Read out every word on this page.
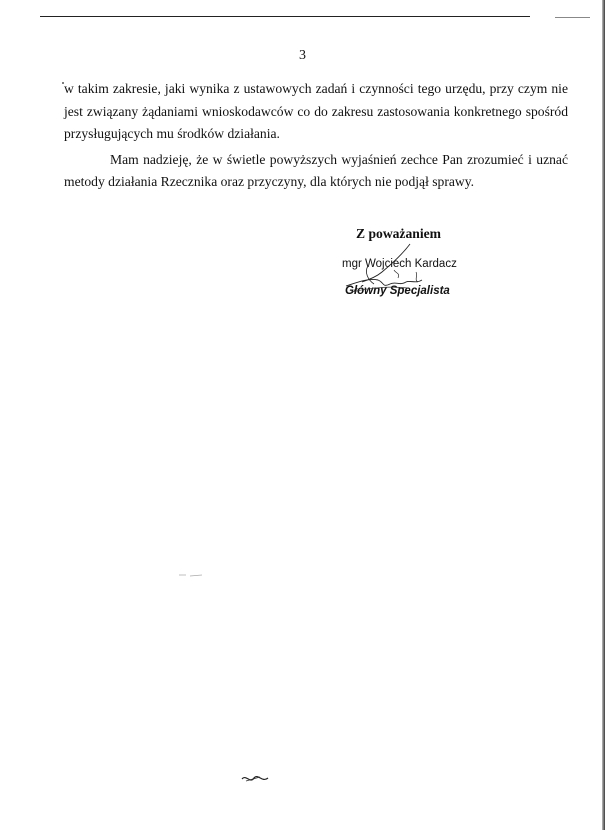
3

w takim zakresie, jaki wynika z ustawowych zadań i czynności tego urzędu, przy czym nie jest związany żądaniami wnioskodawców co do zakresu zastosowania konkretnego spośród przysługujących mu środków działania.

Mam nadzieję, że w świetle powyższych wyjaśnień zechce Pan zrozumieć i uznać metody działania Rzecznika oraz przyczyny, dla których nie podjął sprawy.

Z poważaniem
mgr Wojciech Kardacz
Główny Specjalista
